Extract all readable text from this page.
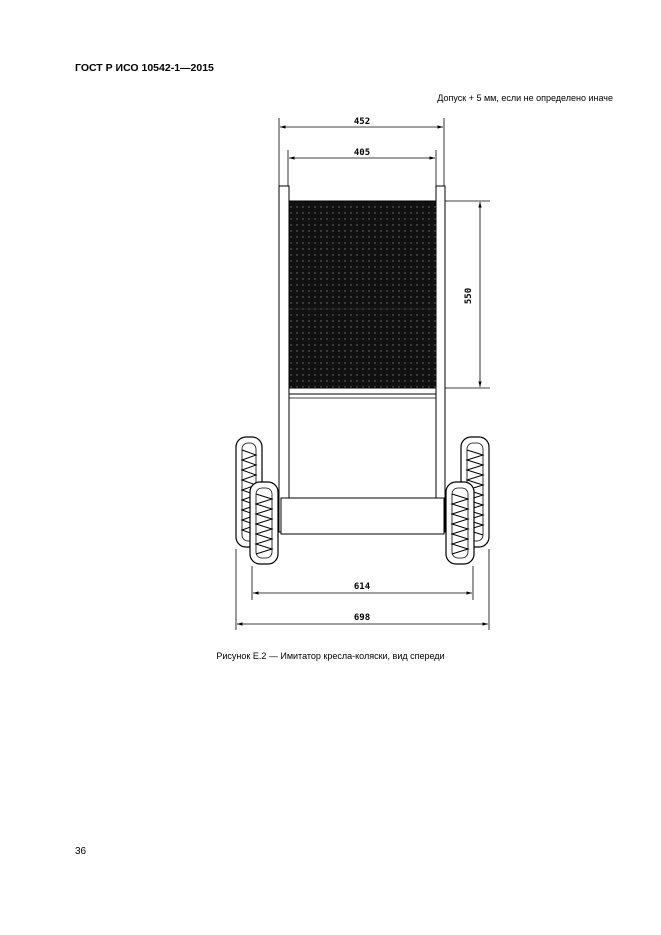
ГОСТ Р ИСО 10542-1—2015
Допуск + 5 мм, если не определено иначе
452
405
550
614
698
Рисунок Е.2 — Имитатор кресла-коляски, вид спереди
36
